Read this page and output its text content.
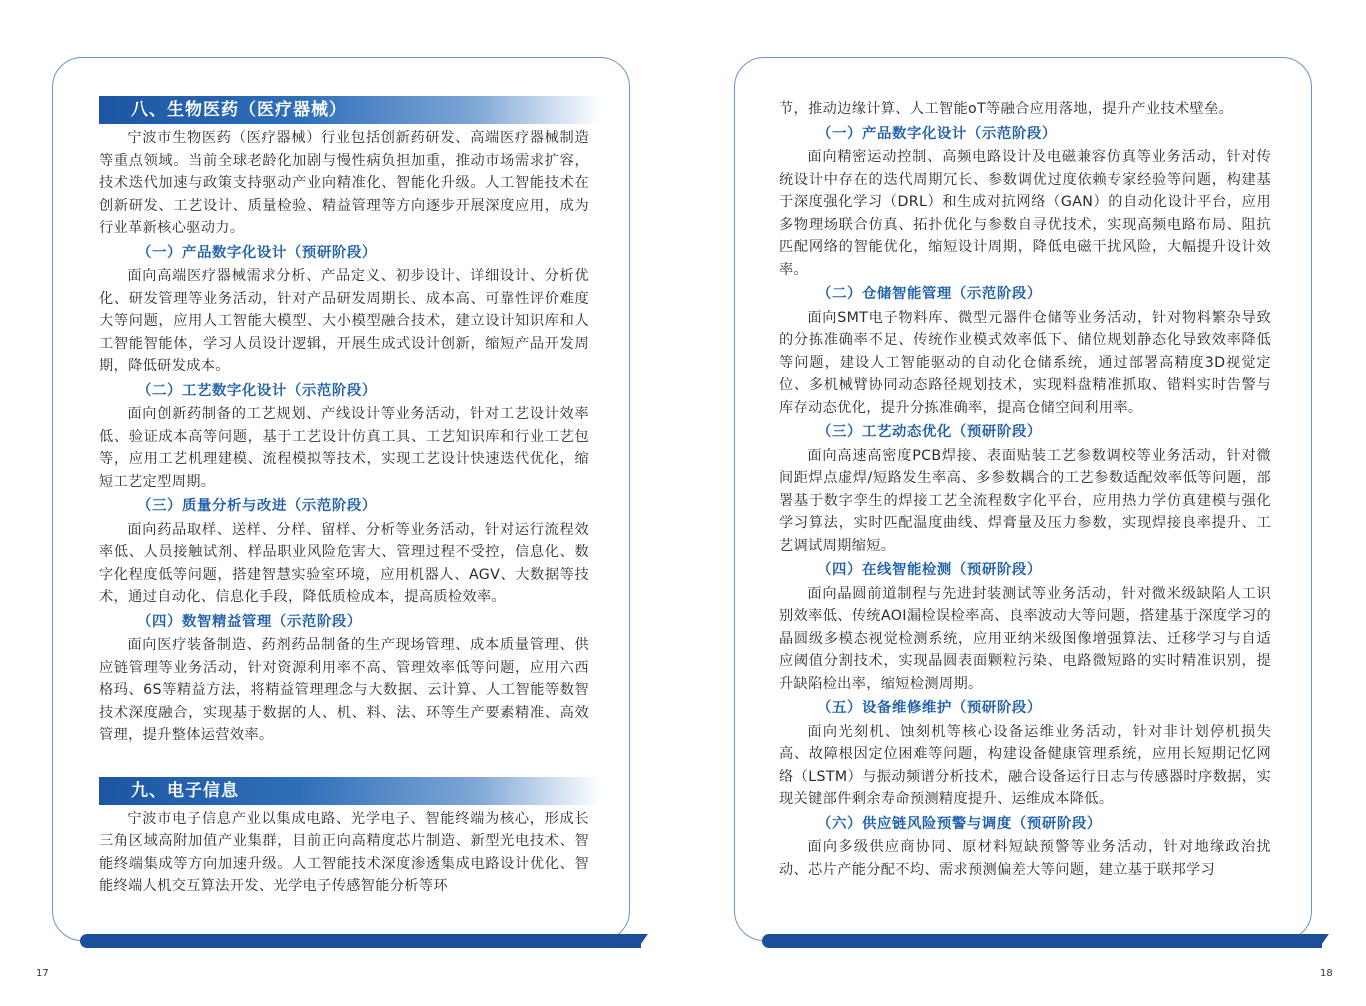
八、生物医药（医疗器械）

宁波市生物医药（医疗器械）行业包括创新药研发、高端医疗器械制造等重点领域。当前全球老龄化加剧与慢性病负担加重，推动市场需求扩容，技术迭代加速与政策支持驱动产业向精准化、智能化升级。人工智能技术在创新研发、工艺设计、质量检验、精益管理等方向逐步开展深度应用，成为行业革新核心驱动力。

（一）产品数字化设计（预研阶段）

面向高端医疗器械需求分析、产品定义、初步设计、详细设计、分析优化、研发管理等业务活动，针对产品研发周期长、成本高、可靠性评价难度大等问题，应用人工智能大模型、大小模型融合技术，建立设计知识库和人工智能智能体，学习人员设计逻辑，开展生成式设计创新，缩短产品开发周期，降低研发成本。

（二）工艺数字化设计（示范阶段）

面向创新药制备的工艺规划、产线设计等业务活动，针对工艺设计效率低、验证成本高等问题，基于工艺设计仿真工具、工艺知识库和行业工艺包等，应用工艺机理建模、流程模拟等技术，实现工艺设计快速迭代优化，缩短工艺定型周期。

（三）质量分析与改进（示范阶段）

面向药品取样、送样、分样、留样、分析等业务活动，针对运行流程效率低、人员接触试剂、样品职业风险危害大、管理过程不受控，信息化、数字化程度低等问题，搭建智慧实验室环境，应用机器人、AGV、大数据等技术，通过自动化、信息化手段，降低质检成本，提高质检效率。

（四）数智精益管理（示范阶段）

面向医疗装备制造、药剂药品制备的生产现场管理、成本质量管理、供应链管理等业务活动，针对资源利用率不高、管理效率低等问题，应用六西格玛、6S等精益方法，将精益管理理念与大数据、云计算、人工智能等数智技术深度融合，实现基于数据的人、机、料、法、环等生产要素精准、高效管理，提升整体运营效率。

九、电子信息

宁波市电子信息产业以集成电路、光学电子、智能终端为核心，形成长三角区域高附加值产业集群，目前正向高精度芯片制造、新型光电技术、智能终端集成等方向加速升级。人工智能技术深度渗透集成电路设计优化、智能终端人机交互算法开发、光学电子传感智能分析等环

节，推动边缘计算、人工智能oT等融合应用落地，提升产业技术壁垒。

（一）产品数字化设计（示范阶段）

面向精密运动控制、高频电路设计及电磁兼容仿真等业务活动，针对传统设计中存在的迭代周期冗长、参数调优过度依赖专家经验等问题，构建基于深度强化学习（DRL）和生成对抗网络（GAN）的自动化设计平台，应用多物理场联合仿真、拓扑优化与参数自寻优技术，实现高频电路布局、阻抗匹配网络的智能优化，缩短设计周期，降低电磁干扰风险，大幅提升设计效率。

（二）仓储智能管理（示范阶段）

面向SMT电子物料库、微型元器件仓储等业务活动，针对物料繁杂导致的分拣准确率不足、传统作业模式效率低下、储位规划静态化导致效率降低等问题，建设人工智能驱动的自动化仓储系统，通过部署高精度3D视觉定位、多机械臂协同动态路径规划技术，实现料盘精准抓取、错料实时告警与库存动态优化，提升分拣准确率，提高仓储空间利用率。

（三）工艺动态优化（预研阶段）

面向高速高密度PCB焊接、表面贴装工艺参数调校等业务活动，针对微间距焊点虚焊/短路发生率高、多参数耦合的工艺参数适配效率低等问题，部署基于数字孪生的焊接工艺全流程数字化平台，应用热力学仿真建模与强化学习算法，实时匹配温度曲线、焊膏量及压力参数，实现焊接良率提升、工艺调试周期缩短。

（四）在线智能检测（预研阶段）

面向晶圆前道制程与先进封装测试等业务活动，针对微米级缺陷人工识别效率低、传统AOI漏检误检率高、良率波动大等问题，搭建基于深度学习的晶圆级多模态视觉检测系统，应用亚纳米级图像增强算法、迁移学习与自适应阈值分割技术，实现晶圆表面颗粒污染、电路微短路的实时精准识别，提升缺陷检出率，缩短检测周期。

（五）设备维修维护（预研阶段）

面向光刻机、蚀刻机等核心设备运维业务活动，针对非计划停机损失高、故障根因定位困难等问题，构建设备健康管理系统，应用长短期记忆网络（LSTM）与振动频谱分析技术，融合设备运行日志与传感器时序数据，实现关键部件剩余寿命预测精度提升、运维成本降低。

（六）供应链风险预警与调度（预研阶段）

面向多级供应商协同、原材料短缺预警等业务活动，针对地缘政治扰动、芯片产能分配不均、需求预测偏差大等问题，建立基于联邦学习

17	18
